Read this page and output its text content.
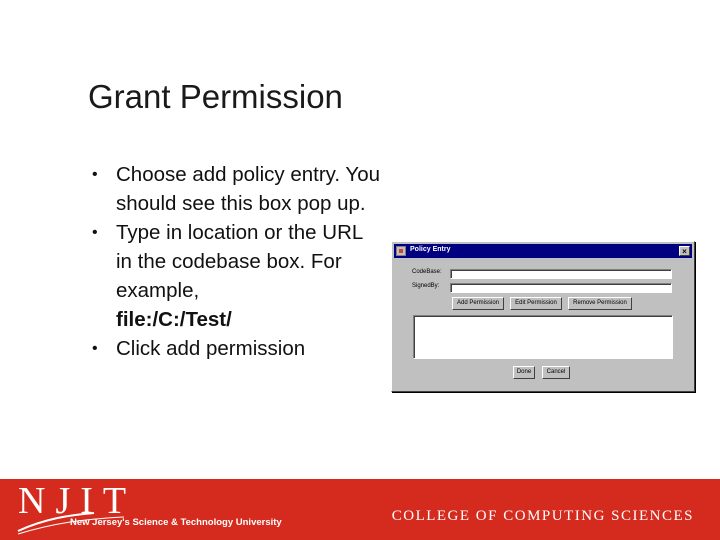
Grant Permission
• Choose add policy entry. You should see this box pop up.
• Type in location or the URL in the codebase box. For example,
file:/C:/Test/
• Click add permission
Policy Entry	×
CodeBase:
SignedBy:
Add Permission	Edit Permission	Remove Permission
Done	Cancel
NJIT
New Jersey's Science & Technology University	COLLEGE OF COMPUTING SCIENCES
